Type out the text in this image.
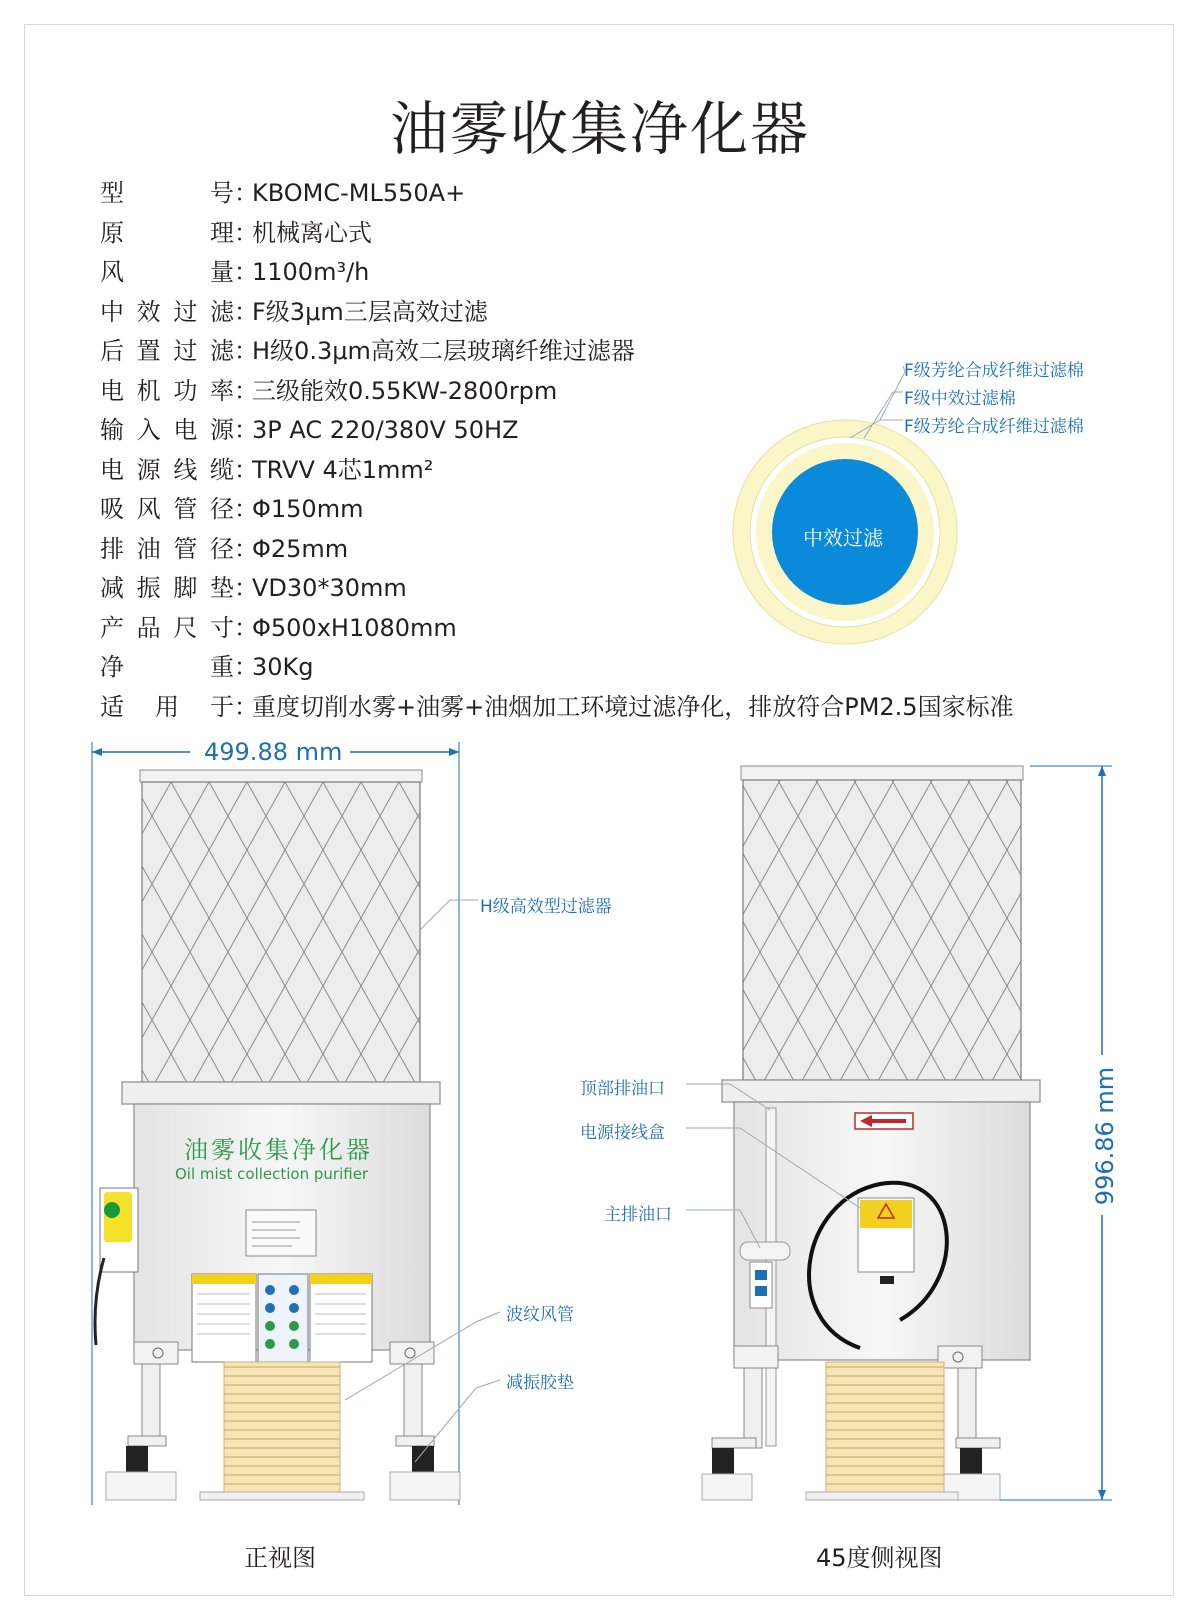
油雾收集净化器
型号：KBOMC-ML550A+
原理：机械离心式
风量：1100m³/h
中效过滤：F级3μm三层高效过滤
后置过滤：H级0.3μm高效二层玻璃纤维过滤器
电机功率：三级能效0.55KW-2800rpm
输入电源：3P AC 220/380V 50HZ
电源线缆：TRVV 4芯1mm²
吸风管径：Φ150mm
排油管径：Φ25mm
减振脚垫：VD30*30mm
产品尺寸：Φ500xH1080mm
净重：30Kg
适用于：重度切削水雾+油雾+油烟加工环境过滤净化，排放符合PM2.5国家标准
F级芳纶合成纤维过滤棉
F级中效过滤棉
F级芳纶合成纤维过滤棉
中效过滤
499.88 mm
油雾收集净化器
Oil mist collection purifier
H级高效型过滤器
波纹风管
减振胶垫
正视图
顶部排油口
电源接线盒
主排油口
996.86 mm
45度侧视图
